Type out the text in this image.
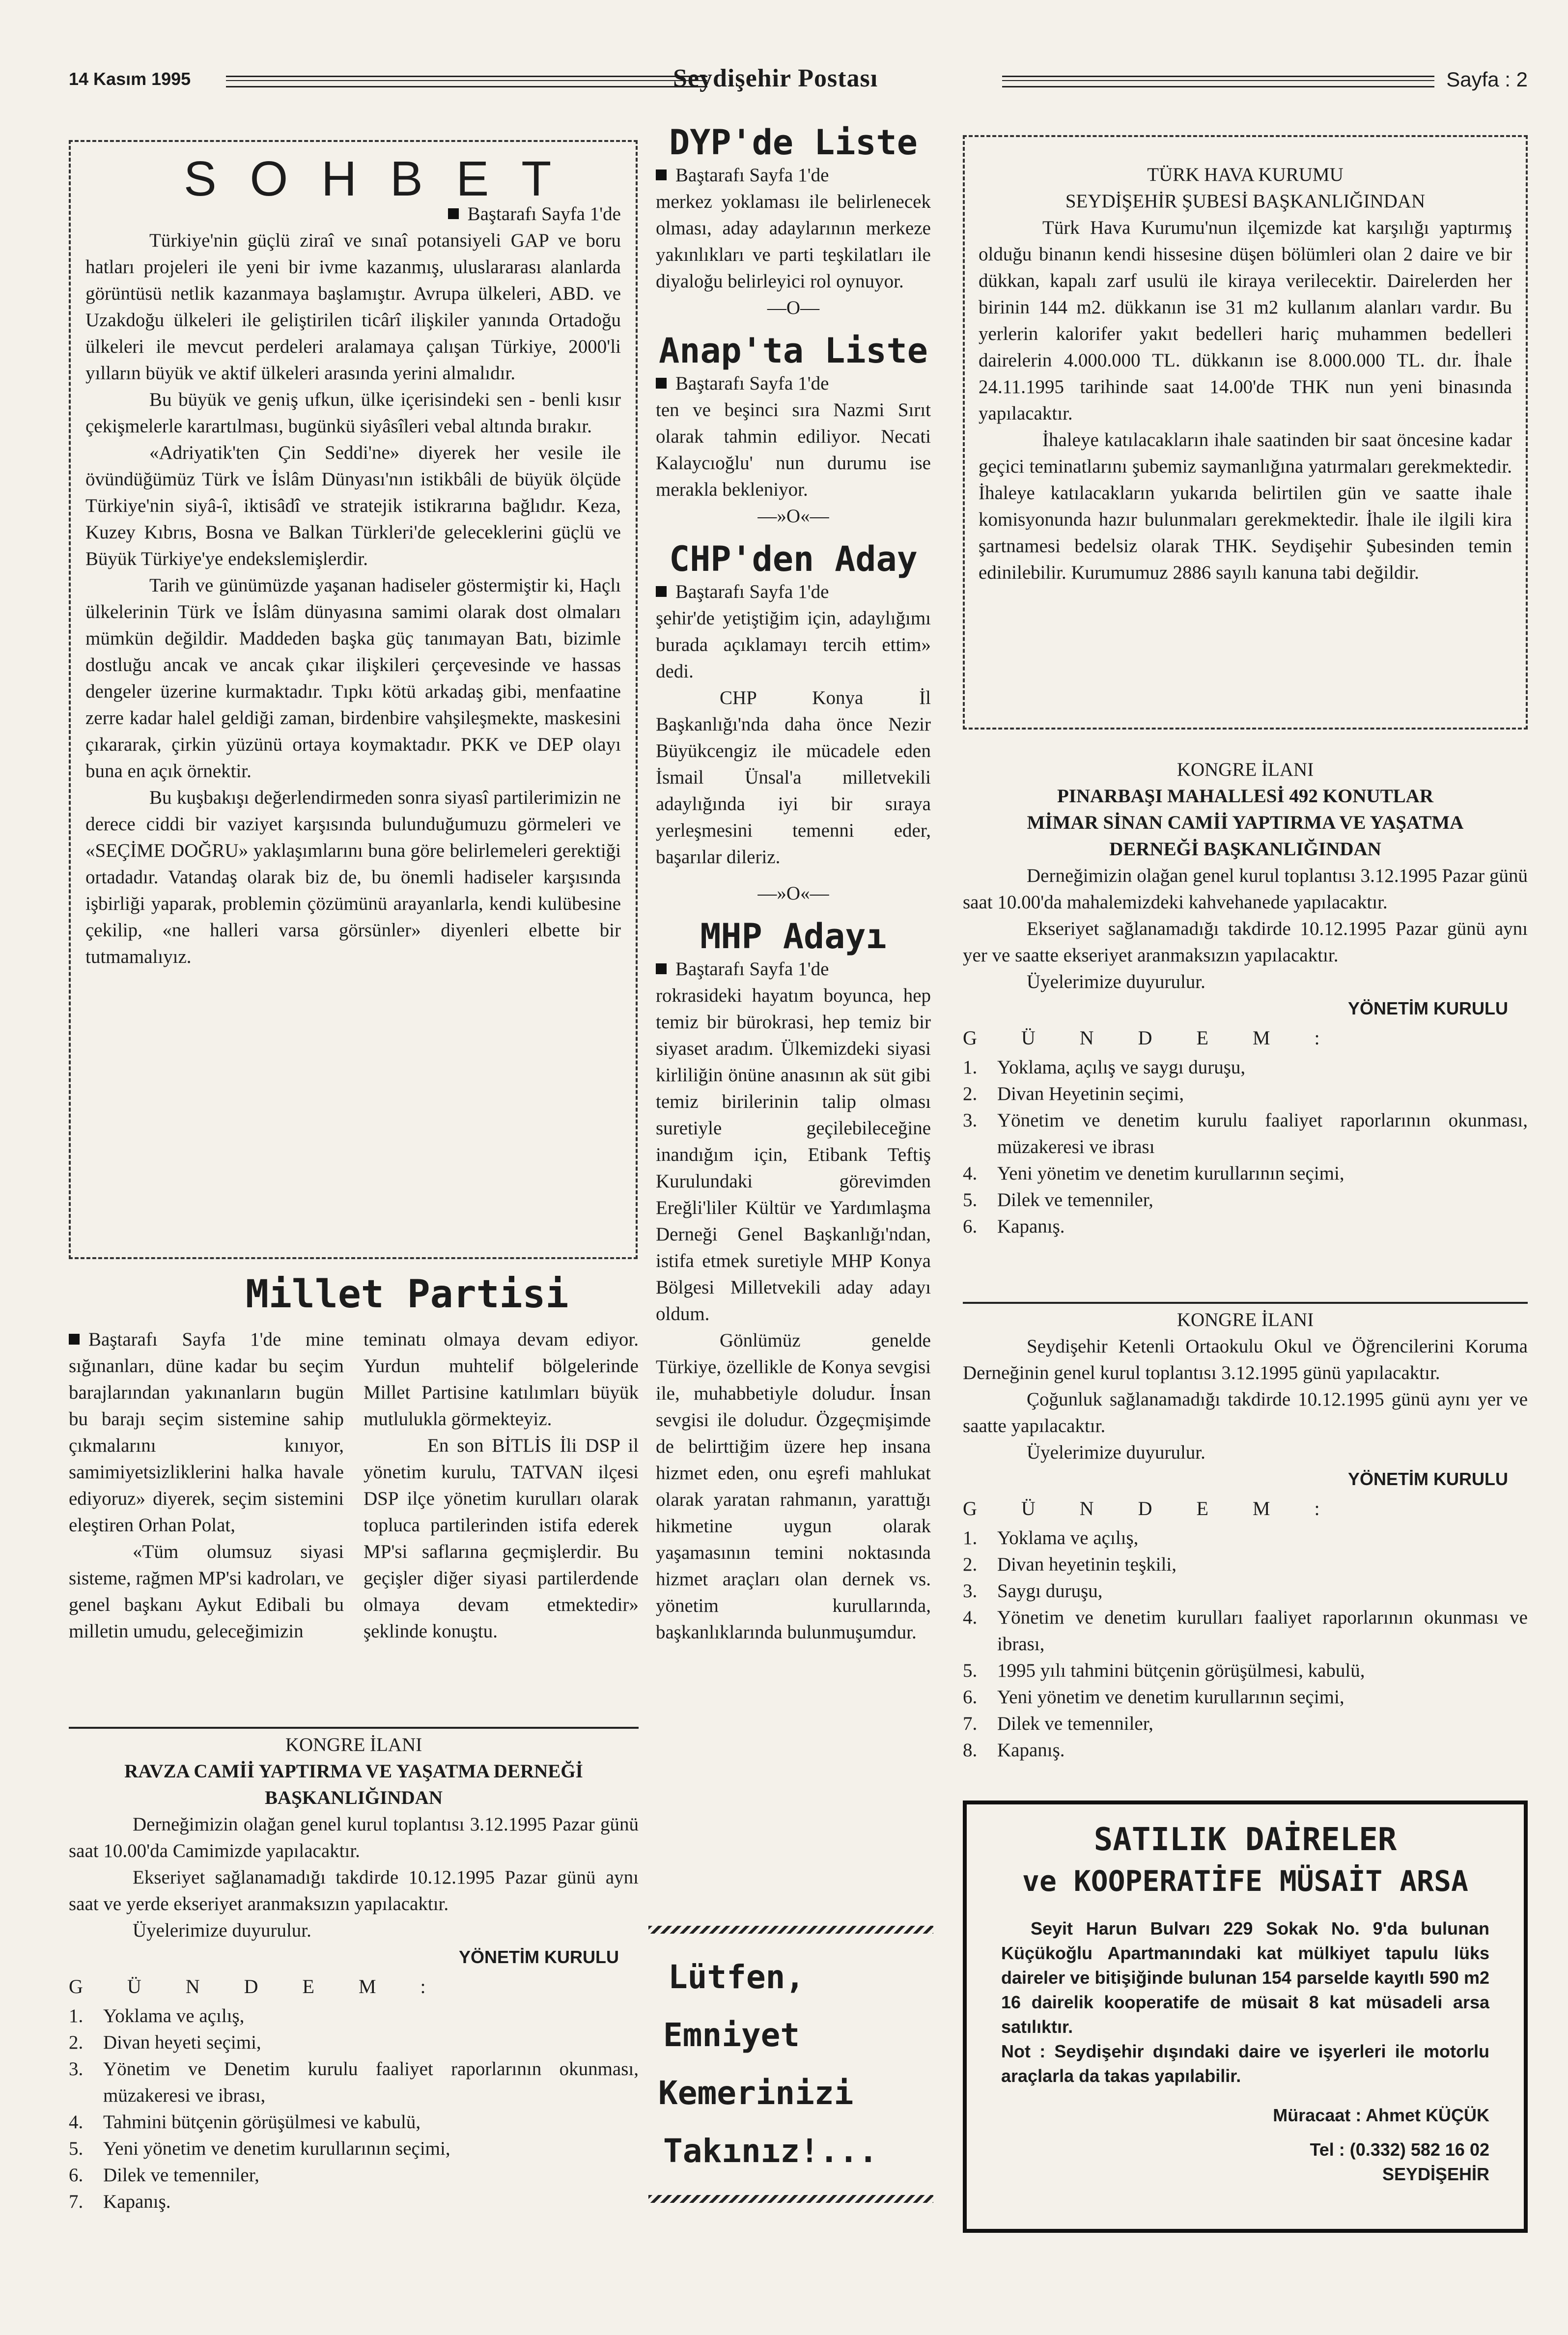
14 Kasım 1995	Seydişehir Postası	Sayfa : 2
S O H B E T
Baştarafı Sayfa 1'de

Türkiye'nin güçlü ziraî ve sınaî potansiyeli GAP ve boru hatları projeleri ile yeni bir ivme kazanmış, uluslararası alanlarda görüntüsü netlik kazanmaya başlamıştır. Avrupa ülkeleri, ABD. ve Uzakdoğu ülkeleri ile geliştirilen ticârî ilişkiler yanında Ortadoğu ülkeleri ile mevcut perdeleri aralamaya çalışan Türkiye, 2000'li yılların büyük ve aktif ülkeleri arasında yerini almalıdır.

Bu büyük ve geniş ufkun, ülke içerisindeki sen - benli kısır çekişmelerle karartılması, bugünkü siyâsîleri vebal altında bırakır.

«Adriyatik'ten Çin Seddi'ne» diyerek her vesile ile övündüğümüz Türk ve İslâm Dünyası'nın istikbâli de büyük ölçüde Türkiye'nin siyâ-î, iktisâdî ve stratejik istikrarına bağlıdır. Keza, Kuzey Kıbrıs, Bosna ve Balkan Türkleri'de geleceklerini güçlü ve Büyük Türkiye'ye endekslemişlerdir.

Tarih ve günümüzde yaşanan hadiseler göstermiştir ki, Haçlı ülkelerinin Türk ve İslâm dünyasına samimi olarak dost olmaları mümkün değildir. Maddeden başka güç tanımayan Batı, bizimle dostluğu ancak ve ancak çıkar ilişkileri çerçevesinde ve hassas dengeler üzerine kurmaktadır. Tıpkı kötü arkadaş gibi, menfaatine zerre kadar halel geldiği zaman, birdenbire vahşileşmekte, maskesini çıkararak, çirkin yüzünü ortaya koymaktadır. PKK ve DEP olayı buna en açık örnektir.

Bu kuşbakışı değerlendirmeden sonra siyasî partilerimizin ne derece ciddi bir vaziyet karşısında bulunduğumuzu görmeleri ve «SEÇİME DOĞRU» yaklaşımlarını buna göre belirlemeleri gerektiği ortadadır. Vatandaş olarak biz de, bu önemli hadiseler karşısında işbirliği yaparak, problemin çözümünü arayanlarla, kendi kulübesine çekilip, «ne halleri varsa görsünler» diyenleri elbette bir tutmamalıyız.

Millet Partisi

Baştarafı Sayfa 1'de mine sığınanları, düne kadar bu seçim barajlarından yakınanların bugün bu barajı seçim sistemine sahip çıkmalarını kınıyor, samimiyetsizliklerini halka havale ediyoruz» diyerek, seçim sistemini eleştiren Orhan Polat,

«Tüm olumsuz siyasi sisteme, rağmen MP'si kadroları, ve genel başkanı Aykut Edibali bu milletin umudu, geleceğimizin

teminatı olmaya devam ediyor. Yurdun muhtelif bölgelerinde Millet Partisine katılımları büyük mutlulukla görmekteyiz.

En son BİTLİS İli DSP il yönetim kurulu, TATVAN ilçesi DSP ilçe yönetim kurulları olarak topluca partilerinden istifa ederek MP'si saflarına geçmişlerdir. Bu geçişler diğer siyasi partilerdende olmaya devam etmektedir» şeklinde konuştu.

KONGRE İLANI
RAVZA CAMİİ YAPTIRMA VE YAŞATMA DERNEĞİ
BAŞKANLIĞINDAN

Derneğimizin olağan genel kurul toplantısı 3.12.1995 Pazar günü saat 10.00'da Camimizde yapılacaktır.

Ekseriyet sağlanamadığı takdirde 10.12.1995 Pazar günü aynı saat ve yerde ekseriyet aranmaksızın yapılacaktır.

Üyelerimize duyurulur.

YÖNETİM KURULU
G Ü N D E M :
1. Yoklama ve açılış,
2. Divan heyeti seçimi,
3. Yönetim ve Denetim kurulu faaliyet raporlarının okunması, müzakeresi ve ibrası,
4. Tahmini bütçenin görüşülmesi ve kabulü,
5. Yeni yönetim ve denetim kurullarının seçimi,
6. Dilek ve temenniler,
7. Kapanış.
DYP'de Liste

Baştarafı Sayfa 1'de

merkez yoklaması ile belirlenecek olması, aday adaylarının merkeze yakınlıkları ve parti teşkilatları ile diyaloğu belirleyici rol oynuyor.

—O—
Anap'ta Liste

Baştarafı Sayfa 1'de

ten ve beşinci sıra Nazmi Sırıt olarak tahmin ediliyor. Necati Kalaycıoğlu' nun durumu ise merakla bekleniyor.

—»O«—
CHP'den Aday

Baştarafı Sayfa 1'de

şehir'de yetiştiğim için, adaylığımı burada açıklamayı tercih ettim» dedi.

CHP Konya İl Başkanlığı'nda daha önce Nezir Büyükcengiz ile mücadele eden İsmail Ünsal'a milletvekili adaylığında iyi bir sıraya yerleşmesini temenni eder, başarılar dileriz.

—»O«—
MHP Adayı

Baştarafı Sayfa 1'de

rokrasideki hayatım boyunca, hep temiz bir bürokrasi, hep temiz bir siyaset aradım. Ülkemizdeki siyasi kirliliğin önüne anasının ak süt gibi temiz birilerinin talip olması suretiyle geçilebileceğine inandığım için, Etibank Teftiş Kurulundaki görevimden Ereğli'liler Kültür ve Yardımlaşma Derneği Genel Başkanlığı'ndan, istifa etmek suretiyle MHP Konya Bölgesi Milletvekili aday adayı oldum.

Gönlümüz genelde Türkiye, özellikle de Konya sevgisi ile, muhabbetiyle doludur. İnsan sevgisi ile doludur. Özgeçmişimde de belirttiğim üzere hep insana hizmet eden, onu eşrefi mahlukat olarak yaratan rahmanın, yarattığı hikmetine uygun olarak yaşamasının temini noktasında hizmet araçları olan dernek vs. yönetim kurullarında, başkanlıklarında bulunmuşumdur.

Lütfen,
Emniyet
Kemerinizi
Takınız!...
TÜRK HAVA KURUMU
SEYDİŞEHİR ŞUBESİ BAŞKANLIĞINDAN

Türk Hava Kurumu'nun ilçemizde kat karşılığı yaptırmış olduğu binanın kendi hissesine düşen bölümleri olan 2 daire ve bir dükkan, kapalı zarf usulü ile kiraya verilecektir. Dairelerden her birinin 144 m2. dükkanın ise 31 m2 kullanım alanları vardır. Bu yerlerin kalorifer yakıt bedelleri hariç muhammen bedelleri dairelerin 4.000.000 TL. dükkanın ise 8.000.000 TL. dır. İhale 24.11.1995 tarihinde saat 14.00'de THK nun yeni binasında yapılacaktır.

İhaleye katılacakların ihale saatinden bir saat öncesine kadar geçici teminatlarını şubemiz saymanlığına yatırmaları gerekmektedir. İhaleye katılacakların yukarıda belirtilen gün ve saatte ihale komisyonunda hazır bulunmaları gerekmektedir. İhale ile ilgili kira şartnamesi bedelsiz olarak THK. Seydişehir Şubesinden temin edinilebilir. Kurumumuz 2886 sayılı kanuna tabi değildir.

KONGRE İLANI
PINARBAŞI MAHALLESİ 492 KONUTLAR
MİMAR SİNAN CAMİİ YAPTIRMA VE YAŞATMA
DERNEĞİ BAŞKANLIĞINDAN

Derneğimizin olağan genel kurul toplantısı 3.12.1995 Pazar günü saat 10.00'da mahalemizdeki kahvehanede yapılacaktır.

Ekseriyet sağlanamadığı takdirde 10.12.1995 Pazar günü aynı yer ve saatte ekseriyet aranmaksızın yapılacaktır.

Üyelerimize duyurulur.

YÖNETİM KURULU
G Ü N D E M :
1. Yoklama, açılış ve saygı duruşu,
2. Divan Heyetinin seçimi,
3. Yönetim ve denetim kurulu faaliyet raporlarının okunması, müzakeresi ve ibrası
4. Yeni yönetim ve denetim kurullarının seçimi,
5. Dilek ve temenniler,
6. Kapanış.
KONGRE İLANI

Seydişehir Ketenli Ortaokulu Okul ve Öğrencilerini Koruma Derneğinin genel kurul toplantısı 3.12.1995 günü yapılacaktır.

Çoğunluk sağlanamadığı takdirde 10.12.1995 günü aynı yer ve saatte yapılacaktır.

Üyelerimize duyurulur.

YÖNETİM KURULU
G Ü N D E M :
1. Yoklama ve açılış,
2. Divan heyetinin teşkili,
3. Saygı duruşu,
4. Yönetim ve denetim kurulları faaliyet raporlarının okunması ve ibrası,
5. 1995 yılı tahmini bütçenin görüşülmesi, kabulü,
6. Yeni yönetim ve denetim kurullarının seçimi,
7. Dilek ve temenniler,
8. Kapanış.
SATILIK DAİRELER
ve KOOPERATİFE MÜSAİT ARSA

Seyit Harun Bulvarı 229 Sokak No. 9'da bulunan Küçükoğlu Apartmanındaki kat mülkiyet tapulu lüks daireler ve bitişiğinde bulunan 154 parselde kayıtlı 590 m2 16 dairelik kooperatife de müsait 8 kat müsadeli arsa satılıktır.

Not : Seydişehir dışındaki daire ve işyerleri ile motorlu araçlarla da takas yapılabilir.

Müracaat : Ahmet KÜÇÜK
Tel : (0.332) 582 16 02
SEYDİŞEHİR
